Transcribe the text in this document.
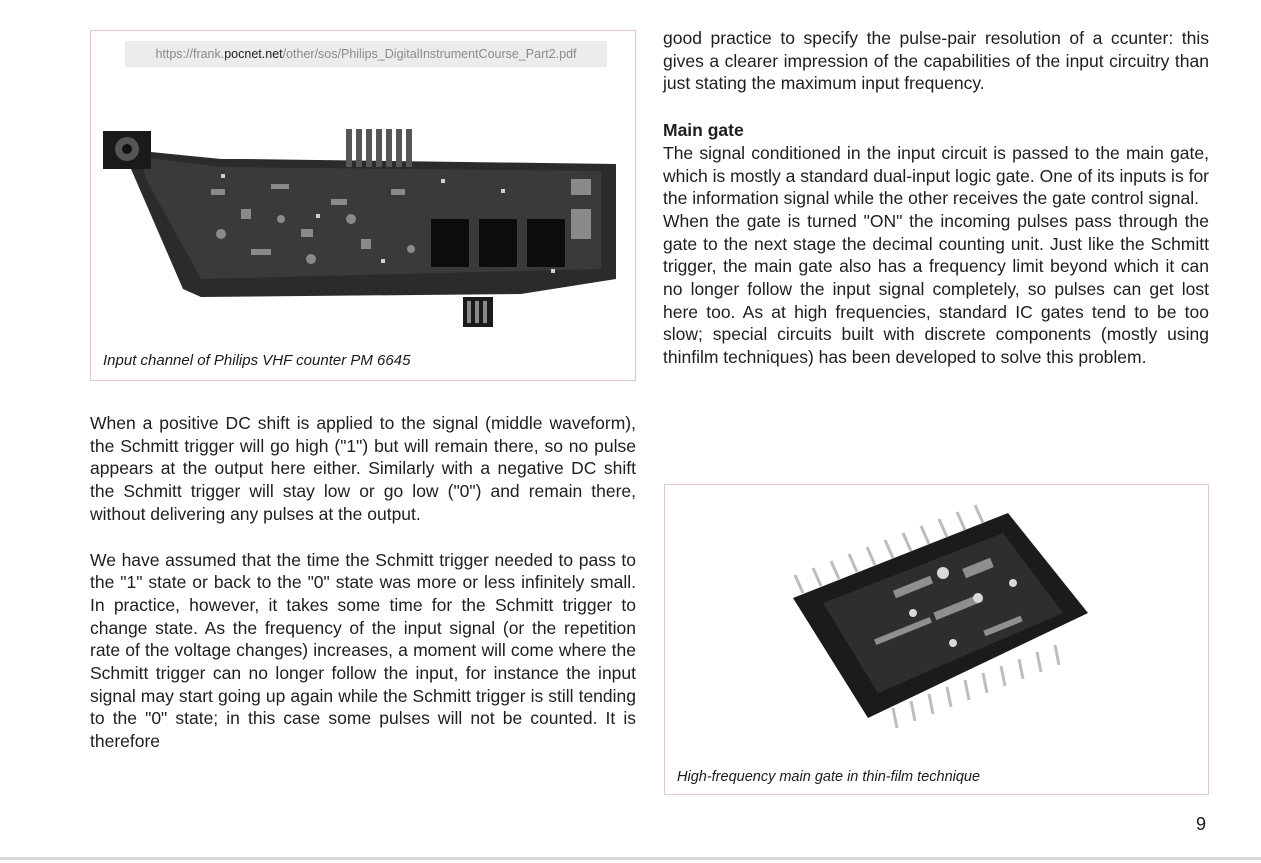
https://frank.pocnet.net/other/sos/Philips_DigitalInstrumentCourse_Part2.pdf
Input channel of Philips VHF counter PM 6645

When a positive DC shift is applied to the signal (middle waveform), the Schmitt trigger will go high ("1") but will remain there, so no pulse appears at the output here either. Similarly with a negative DC shift the Schmitt trigger will stay low or go low ("0") and remain there, without delivering any pulses at the output.

We have assumed that the time the Schmitt trigger needed to pass to the "1" state or back to the "0" state was more or less infinitely small. In practice, however, it takes some time for the Schmitt trigger to change state. As the frequency of the input signal (or the repetition rate of the voltage changes) increases, a moment will come where the Schmitt trigger can no longer follow the input, for instance the input signal may start going up again while the Schmitt trigger is still tending to the "0" state; in this case some pulses will not be counted. It is therefore

good practice to specify the pulse-pair resolution of a ccunter: this gives a clearer impression of the capabilities of the input circuitry than just stating the maximum input frequency.

Main gate

The signal conditioned in the input circuit is passed to the main gate, which is mostly a standard dual-input logic gate. One of its inputs is for the information signal while the other receives the gate control signal.

When the gate is turned "ON" the incoming pulses pass through the gate to the next stage the decimal counting unit. Just like the Schmitt trigger, the main gate also has a frequency limit beyond which it can no longer follow the input signal completely, so pulses can get lost here too. As at high frequencies, standard IC gates tend to be too slow; special circuits built with discrete components (mostly using thinfilm techniques) has been developed to solve this problem.

High-frequency main gate in thin-film technique
9
